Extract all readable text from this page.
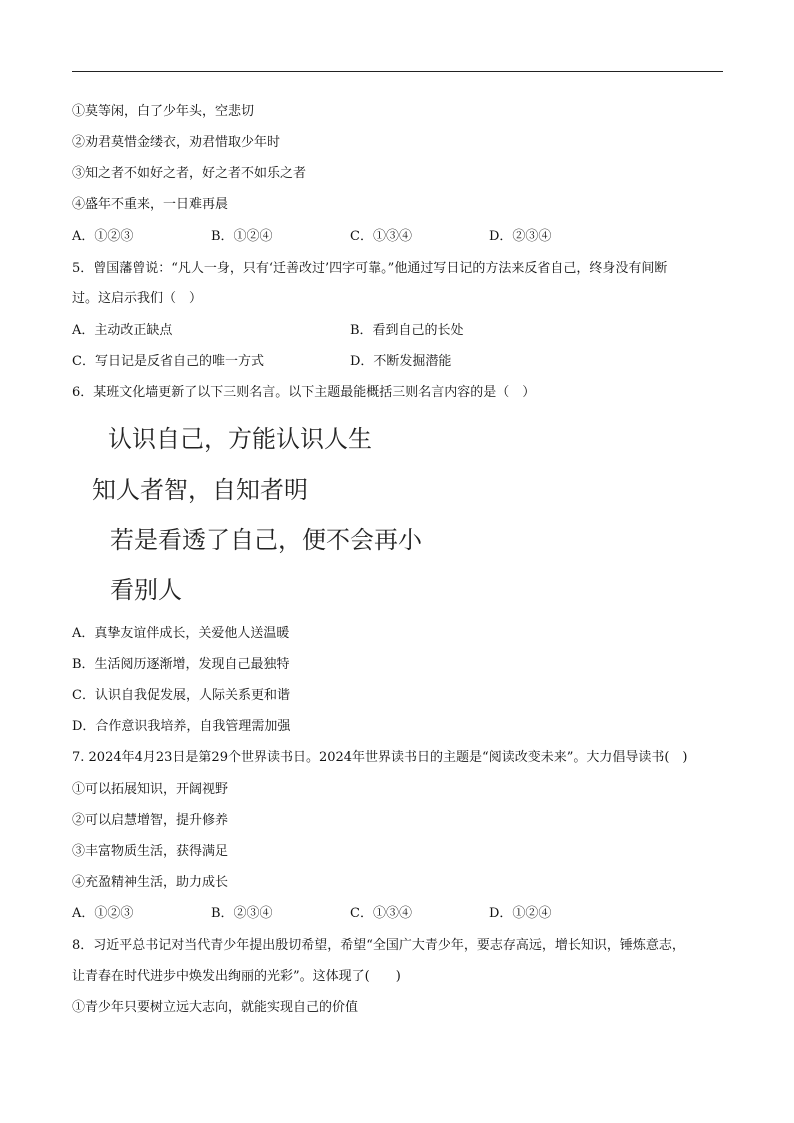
①莫等闲，白了少年头，空悲切
②劝君莫惜金缕衣，劝君惜取少年时
③知之者不如好之者，好之者不如乐之者
④盛年不重来，一日难再晨
A．①②③	B．①②④	C．①③④	D．②③④
5．曾国藩曾说：“凡人一身，只有‘迁善改过’四字可靠。”他通过写日记的方法来反省自己，终身没有间断
过。这启示我们（　）
A．主动改正缺点	B．看到自己的长处
C．写日记是反省自己的唯一方式	D．不断发掘潜能
6．某班文化墙更新了以下三则名言。以下主题最能概括三则名言内容的是（　）
认识自己，方能认识人生
知人者智，自知者明
若是看透了自己，便不会再小
看别人
A．真挚友谊伴成长，关爱他人送温暖
B．生活阅历逐渐增，发现自己最独特
C．认识自我促发展，人际关系更和谐
D．合作意识我培养，自我管理需加强
7. 2024年4月23日是第29个世界读书日。2024年世界读书日的主题是“阅读改变未来”。大力倡导读书(　)
①可以拓展知识，开阔视野
②可以启慧增智，提升修养
③丰富物质生活，获得满足
④充盈精神生活，助力成长
A．①②③	B．②③④	C．①③④	D．①②④
8．习近平总书记对当代青少年提出殷切希望，希望“全国广大青少年，要志存高远，增长知识，锤炼意志，
让青春在时代进步中焕发出绚丽的光彩”。这体现了(　　)
①青少年只要树立远大志向，就能实现自己的价值
